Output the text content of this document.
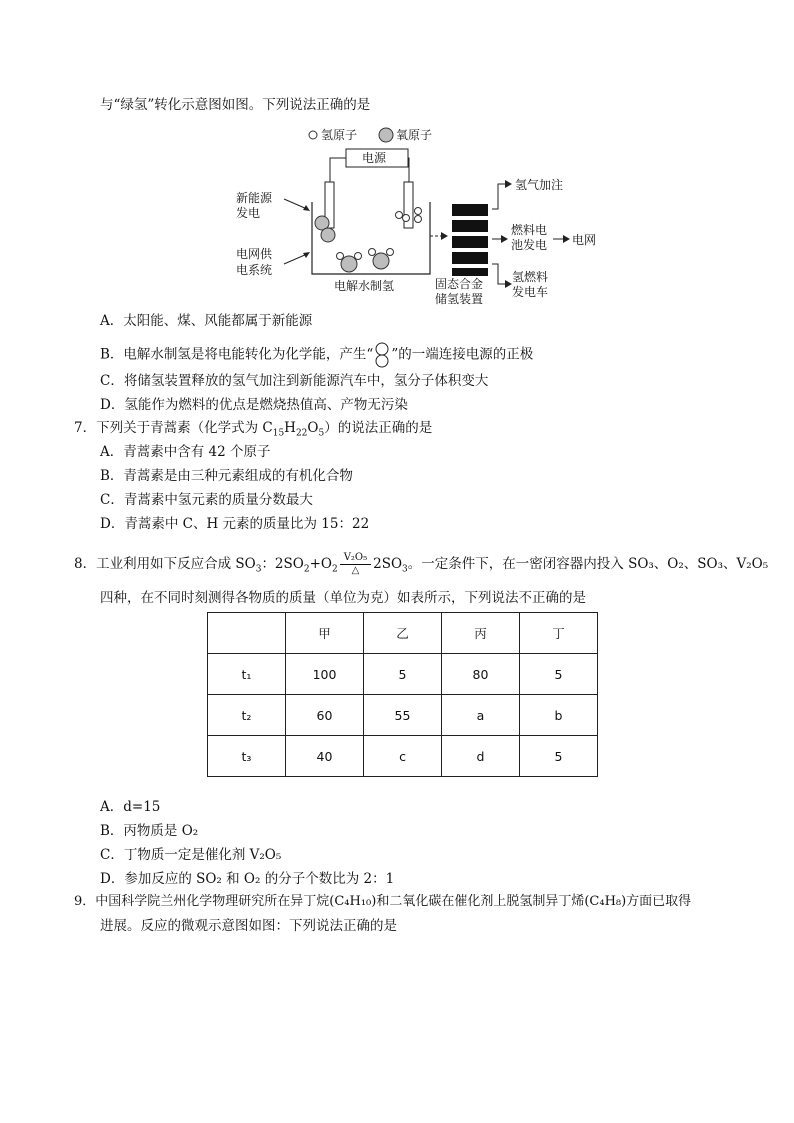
与“绿氢”转化示意图如图。下列说法正确的是
氢原子	氧原子
电源
电解水制氢
新能源
发电
电网供
电系统
固态合金
储氢装置
氢气加注
燃料电
池发电 电网
氢燃料
发电车
A．太阳能、煤、风能都属于新能源
B．电解水制氢是将电能转化为化学能，产生“ ”的一端连接电源的正极
C．将储氢装置释放的氢气加注到新能源汽车中，氢分子体积变大
D．氢能作为燃料的优点是燃烧热值高、产物无污染
7．下列关于青蒿素（化学式为 $C_{15}H_{22}O_5$）的说法正确的是
A．青蒿素中含有 42 个原子
B．青蒿素是由三种元素组成的有机化合物
C．青蒿素中氢元素的质量分数最大
D．青蒿素中 C、H 元素的质量比为 15：22
8．工业利用如下反应合成 $SO_3$：$2SO_2+O_2 \frac{\text{V₂O₅}}{\triangle} 2SO_3$。一定条件下，在一密闭容器内投入 SO₃、O₂、SO₃、V₂O₅
四种，在不同时刻测得各物质的质量（单位为克）如表所示，下列说法不正确的是
	甲	乙	丙	丁
t₁	100	5	80	5
t₂	60	55	a	b
t₃	40	c	d	5
A．d=15
B．丙物质是 O₂
C．丁物质一定是催化剂 V₂O₅
D．参加反应的 SO₂ 和 O₂ 的分子个数比为 2：1
9．中国科学院兰州化学物理研究所在异丁烷(C₄H₁₀)和二氧化碳在催化剂上脱氢制异丁烯(C₄H₈)方面已取得
进展。反应的微观示意图如图：下列说法正确的是
